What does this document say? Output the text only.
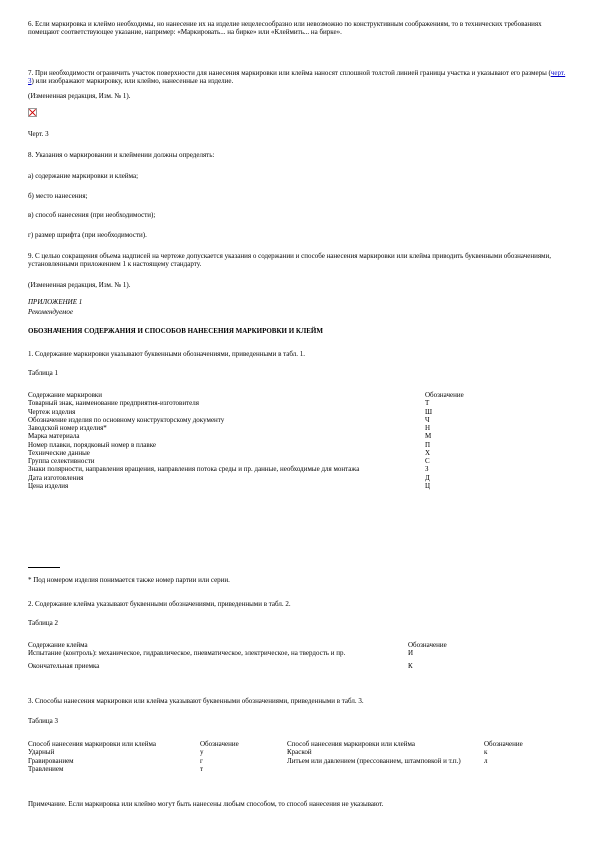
6. Если маркировка и клеймо необходимы, но нанесение их на изделие нецелесообразно или невозможно по конструктивным соображениям, то в технических требованиях помещают соответствующее указание, например: «Маркировать... на бирке» или «Клеймить... на бирке».

7. При необходимости ограничить участок поверхности для нанесения маркировки или клейма наносят сплошной толстой линией границы участка и указывают его размеры (черт. 3) или изображают маркировку, или клеймо, нанесенные на изделие.

(Измененная редакция, Изм. № 1).

Черт. 3

8. Указания о маркировании и клеймении должны определять:

а) содержание маркировки и клейма;

б) место нанесения;

в) способ нанесения (при необходимости);

г) размер шрифта (при необходимости).

9. С целью сокращения объема надписей на чертеже допускается указания о содержании и способе нанесения маркировки или клейма приводить буквенными обозначениями, установленными приложением 1 к настоящему стандарту.

(Измененная редакция, Изм. № 1).

ПРИЛОЖЕНИЕ 1

Рекомендуемое

ОБОЗНАЧЕНИЯ СОДЕРЖАНИЯ И СПОСОБОВ НАНЕСЕНИЯ МАРКИРОВКИ И КЛЕЙМ

1. Содержание маркировки указывают буквенными обозначениями, приведенными в табл. 1.

Таблица 1

Содержание маркировки	Обозначение
Товарный знак, наименование предприятия-изготовителя	Т
Чертеж изделия	Ш
Обозначение изделия по основному конструкторскому документу	Ч
Заводской номер изделия*	Н
Марка материала	М
Номер плавки, порядковый номер в плавке	П
Технические данные	Х
Группа селективности	С
Знаки полярности, направления вращения, направления потока среды и пр. данные, необходимые для монтажа	З
Дата изготовления	Д
Цена изделия	Ц

* Под номером изделия понимается также номер партии или серии.

2. Содержание клейма указывают буквенными обозначениями, приведенными в табл. 2.

Таблица 2

Содержание клейма	Обозначение
Испытание (контроль): механическое, гидравлическое, пневматическое, электрическое, на твердость и пр.	И
Окончательная приемка	К

3. Способы нанесения маркировки или клейма указывают буквенными обозначениями, приведенными в табл. 3.

Таблица 3

Способ нанесения маркировки или клейма	Обозначение	Способ нанесения маркировки или клейма	Обозначение
Ударный	у	Краской	к
Гравированием	г	Литьем или давлением (прессованием, штамповкой и т.п.)	л
Травлением	т		

Примечание. Если маркировка или клеймо могут быть нанесены любым способом, то способ нанесения не указывают.
